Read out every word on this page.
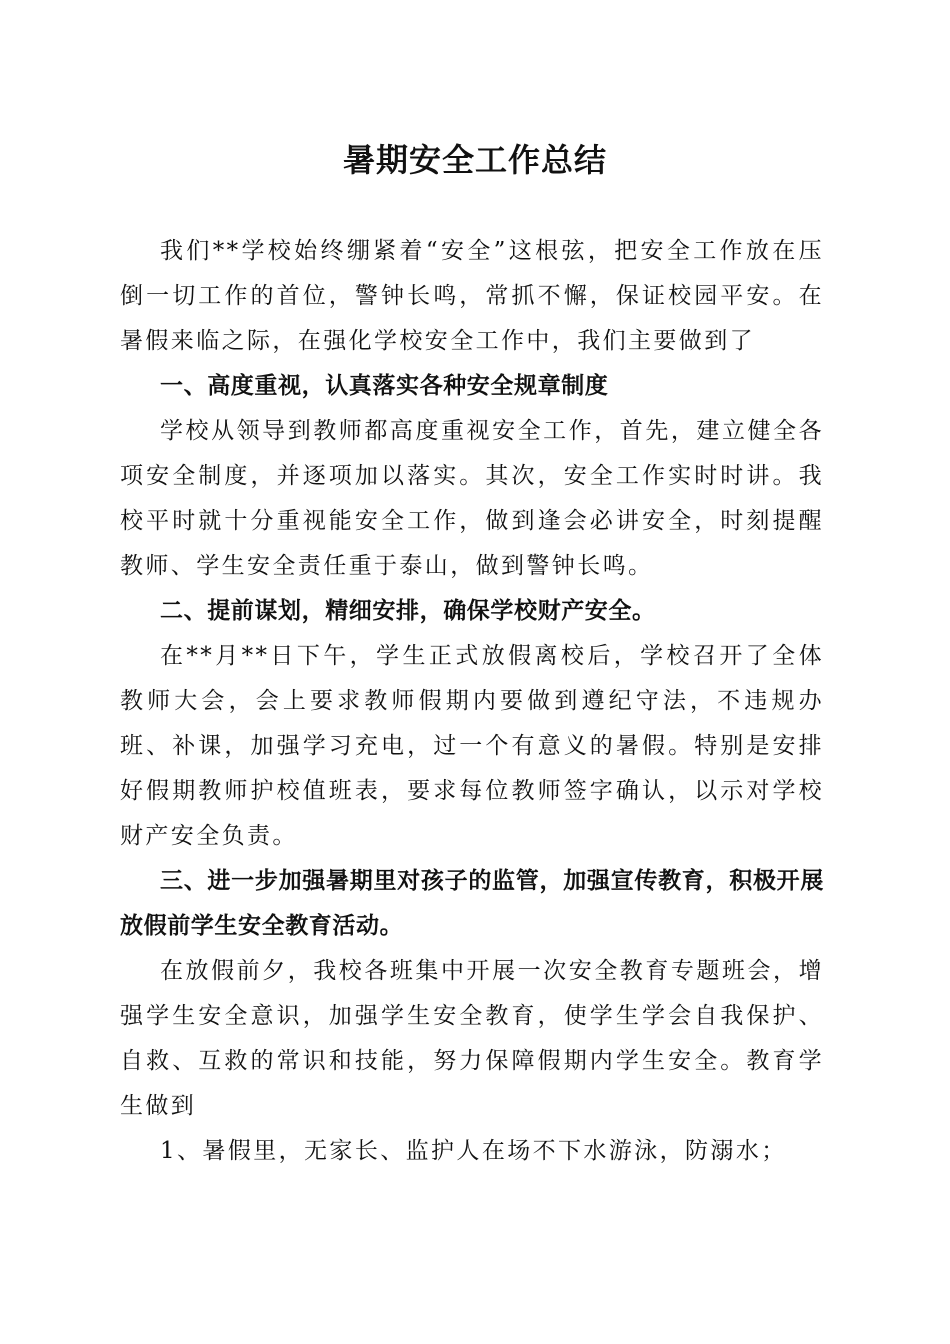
暑期安全工作总结

我们**学校始终绷紧着“安全”这根弦，把安全工作放在压倒一切工作的首位，警钟长鸣，常抓不懈，保证校园平安。在暑假来临之际，在强化学校安全工作中，我们主要做到了

一、高度重视，认真落实各种安全规章制度

学校从领导到教师都高度重视安全工作，首先，建立健全各项安全制度，并逐项加以落实。其次，安全工作实时时讲。我校平时就十分重视能安全工作，做到逢会必讲安全，时刻提醒教师、学生安全责任重于泰山，做到警钟长鸣。

二、提前谋划，精细安排，确保学校财产安全。

在**月**日下午，学生正式放假离校后，学校召开了全体教师大会，会上要求教师假期内要做到遵纪守法，不违规办班、补课，加强学习充电，过一个有意义的暑假。特别是安排好假期教师护校值班表，要求每位教师签字确认，以示对学校财产安全负责。

三、进一步加强暑期里对孩子的监管，加强宣传教育，积极开展放假前学生安全教育活动。

在放假前夕，我校各班集中开展一次安全教育专题班会，增强学生安全意识，加强学生安全教育，使学生学会自我保护、自救、互救的常识和技能，努力保障假期内学生安全。教育学生做到

1、暑假里，无家长、监护人在场不下水游泳，防溺水；
